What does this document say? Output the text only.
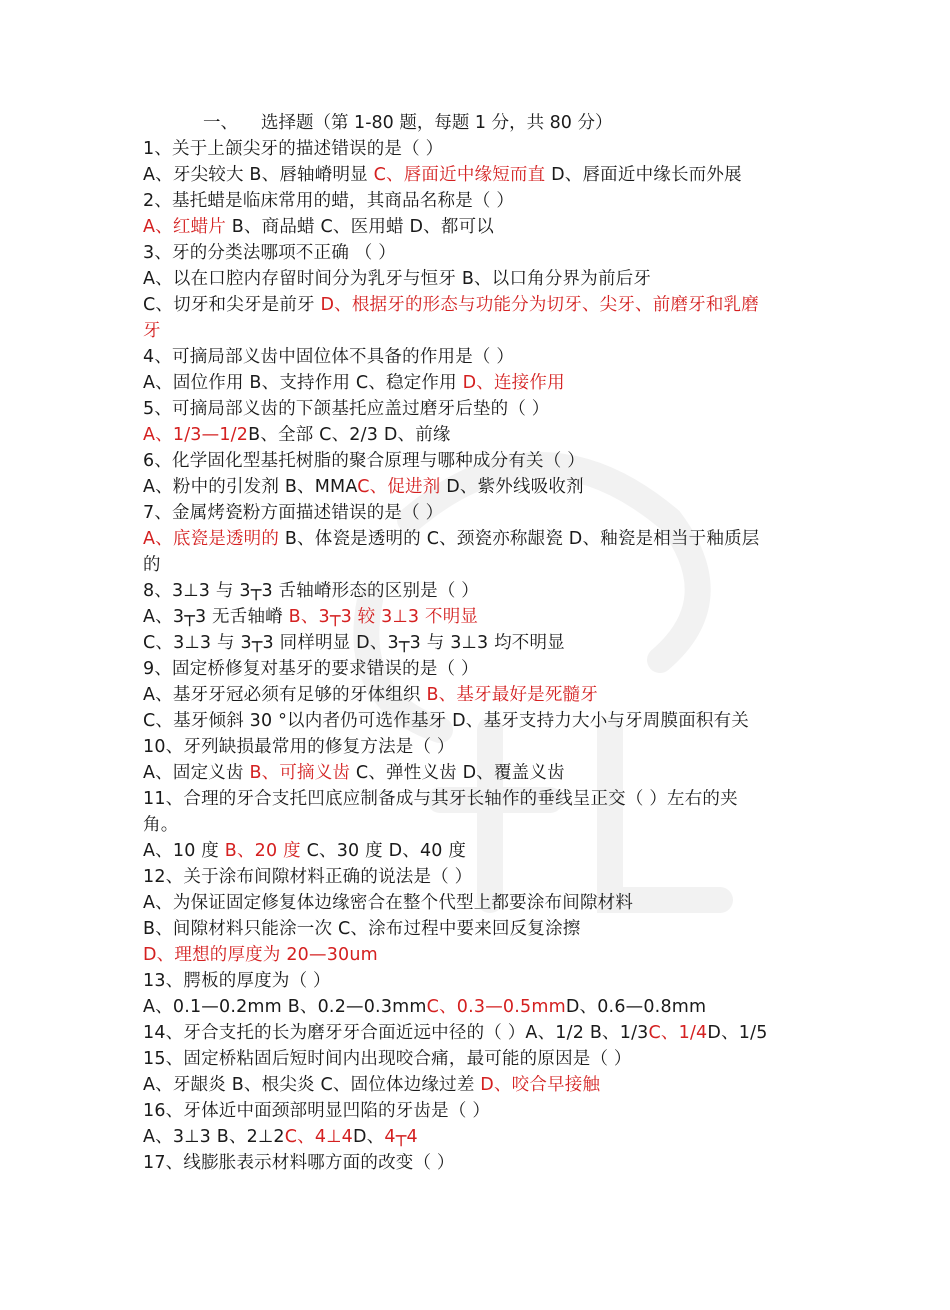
一、 选择题（第 1-80 题，每题 1 分，共 80 分）
1、关于上颌尖牙的描述错误的是（ ）
A、牙尖较大 B、唇轴嵴明显 C、唇面近中缘短而直 D、唇面近中缘长而外展
2、基托蜡是临床常用的蜡，其商品名称是（ ）
A、红蜡片 B、商品蜡 C、医用蜡 D、都可以
3、牙的分类法哪项不正确 （ ）
A、以在口腔内存留时间分为乳牙与恒牙 B、以口角分界为前后牙
C、切牙和尖牙是前牙 D、根据牙的形态与功能分为切牙、尖牙、前磨牙和乳磨
牙
4、可摘局部义齿中固位体不具备的作用是（ ）
A、固位作用 B、支持作用 C、稳定作用 D、连接作用
5、可摘局部义齿的下颌基托应盖过磨牙后垫的（ ）
A、1/3—1/2B、全部 C、2/3 D、前缘
6、化学固化型基托树脂的聚合原理与哪种成分有关（ ）
A、粉中的引发剂 B、MMAC、促进剂 D、紫外线吸收剂
7、金属烤瓷粉方面描述错误的是（ ）
A、底瓷是透明的 B、体瓷是透明的 C、颈瓷亦称龈瓷 D、釉瓷是相当于釉质层
的
8、3⊥3 与 3┬3 舌轴嵴形态的区别是（ ）
A、3┬3 无舌轴嵴 B、3┬3 较 3⊥3 不明显
C、3⊥3 与 3┬3 同样明显 D、3┬3 与 3⊥3 均不明显
9、固定桥修复对基牙的要求错误的是（ ）
A、基牙牙冠必须有足够的牙体组织 B、基牙最好是死髓牙
C、基牙倾斜 30 °以内者仍可选作基牙 D、基牙支持力大小与牙周膜面积有关
10、牙列缺损最常用的修复方法是（ ）
A、固定义齿 B、可摘义齿 C、弹性义齿 D、覆盖义齿
11、合理的牙合支托凹底应制备成与其牙长轴作的垂线呈正交（ ）左右的夹
角。
A、10 度 B、20 度 C、30 度 D、40 度
12、关于涂布间隙材料正确的说法是（ ）
A、为保证固定修复体边缘密合在整个代型上都要涂布间隙材料
B、间隙材料只能涂一次 C、涂布过程中要来回反复涂擦
D、理想的厚度为 20—30um
13、腭板的厚度为（ ）
A、0.1—0.2mm B、0.2—0.3mmC、0.3—0.5mmD、0.6—0.8mm
14、牙合支托的长为磨牙牙合面近远中径的（ ）A、1/2 B、1/3C、1/4D、1/5
15、固定桥粘固后短时间内出现咬合痛，最可能的原因是（ ）
A、牙龈炎 B、根尖炎 C、固位体边缘过差 D、咬合早接触
16、牙体近中面颈部明显凹陷的牙齿是（ ）
A、3⊥3 B、2⊥2C、4⊥4D、4┬4
17、线膨胀表示材料哪方面的改变（ ）
